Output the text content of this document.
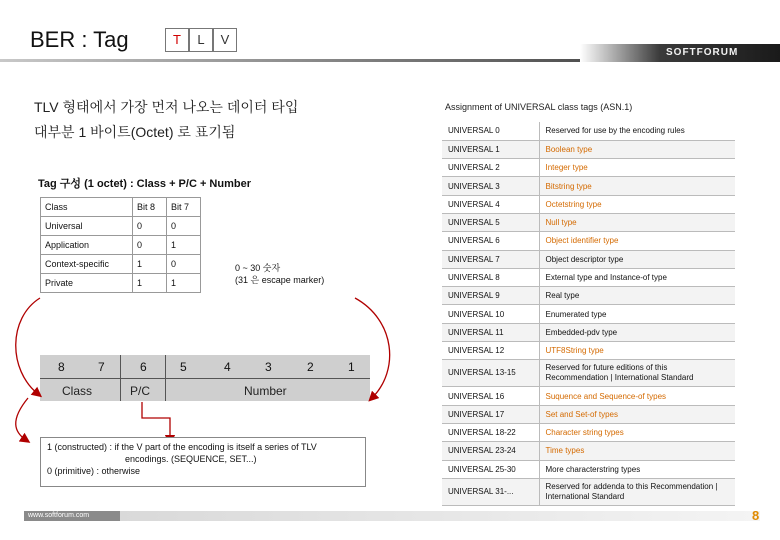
SOFTFORUM
BER : Tag	T	L	V
TLV 형태에서 가장 먼저 나오는 데이터 타입
대부분 1 바이트(Octet) 로 표기됨
Tag 구성 (1 octet) : Class + P/C + Number
Class	Bit 8	Bit 7
Universal	0	0
Application	0	1
Context-specific	1	0
Private	1	1
0 ~ 30 숫자
(31 은 escape marker)
8	7	6	5	4	3	2	1
Class	P/C	Number
1 (constructed) : if the V part of the encoding is itself a series of TLV
encodings. (SEQUENCE, SET...)
0 (primitive) : otherwise
Assignment of UNIVERSAL class tags (ASN.1)
UNIVERSAL 0	Reserved for use by the encoding rules
UNIVERSAL 1	Boolean type
UNIVERSAL 2	Integer type
UNIVERSAL 3	Bitstring type
UNIVERSAL 4	Octetstring type
UNIVERSAL 5	Null type
UNIVERSAL 6	Object identifier type
UNIVERSAL 7	Object descriptor type
UNIVERSAL 8	External type and Instance-of type
UNIVERSAL 9	Real type
UNIVERSAL 10	Enumerated type
UNIVERSAL 11	Embedded-pdv type
UNIVERSAL 12	UTF8String type
UNIVERSAL 13-15	Reserved for future editions of this Recommendation | International Standard
UNIVERSAL 16	Suquence and Sequence-of types
UNIVERSAL 17	Set and Set-of types
UNIVERSAL 18-22	Character string types
UNIVERSAL 23-24	Time types
UNIVERSAL 25-30	More characterstring types
UNIVERSAL 31-...	Reserved for addenda to this Recommendation | International Standard
www.softforum.com	8
